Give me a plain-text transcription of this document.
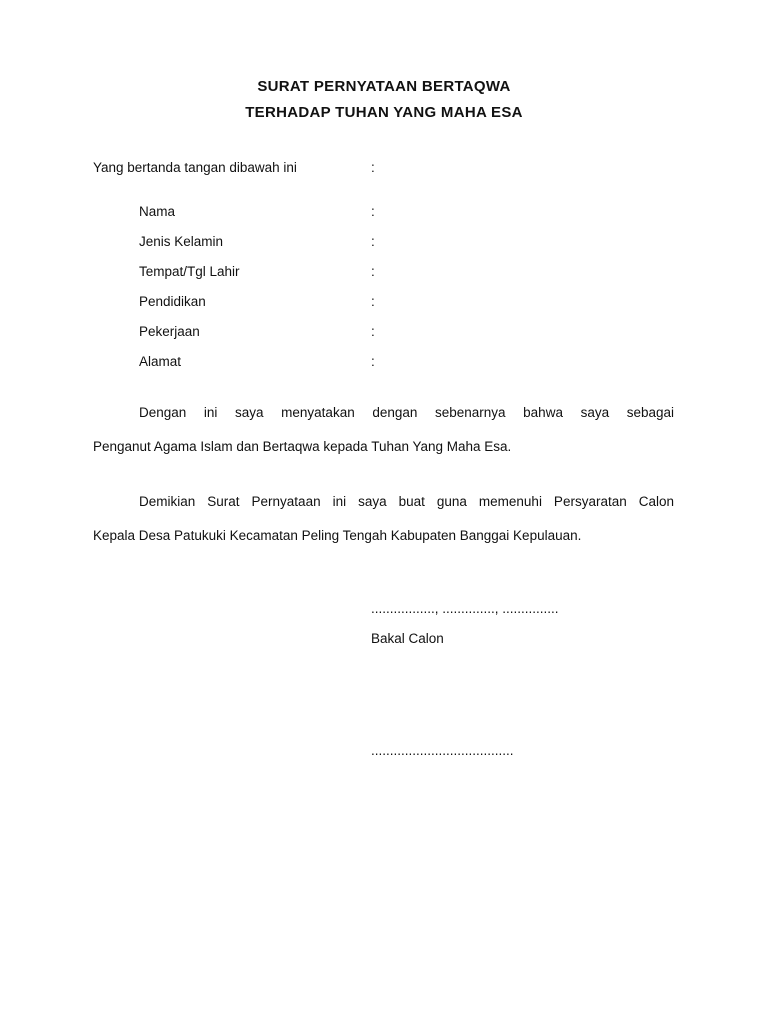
SURAT PERNYATAAN BERTAQWA
TERHADAP TUHAN YANG MAHA ESA
Yang bertanda tangan dibawah ini	:
Nama	:
Jenis Kelamin	:
Tempat/Tgl Lahir	:
Pendidikan	:
Pekerjaan	:
Alamat	:
Dengan ini saya menyatakan dengan sebenarnya bahwa saya sebagai
Penganut Agama Islam dan Bertaqwa kepada Tuhan Yang Maha Esa.
Demikian Surat Pernyataan ini saya buat guna memenuhi Persyaratan Calon
Kepala Desa Patukuki Kecamatan Peling Tengah Kabupaten Banggai Kepulauan.
................., .............., ...............
Bakal Calon
......................................
